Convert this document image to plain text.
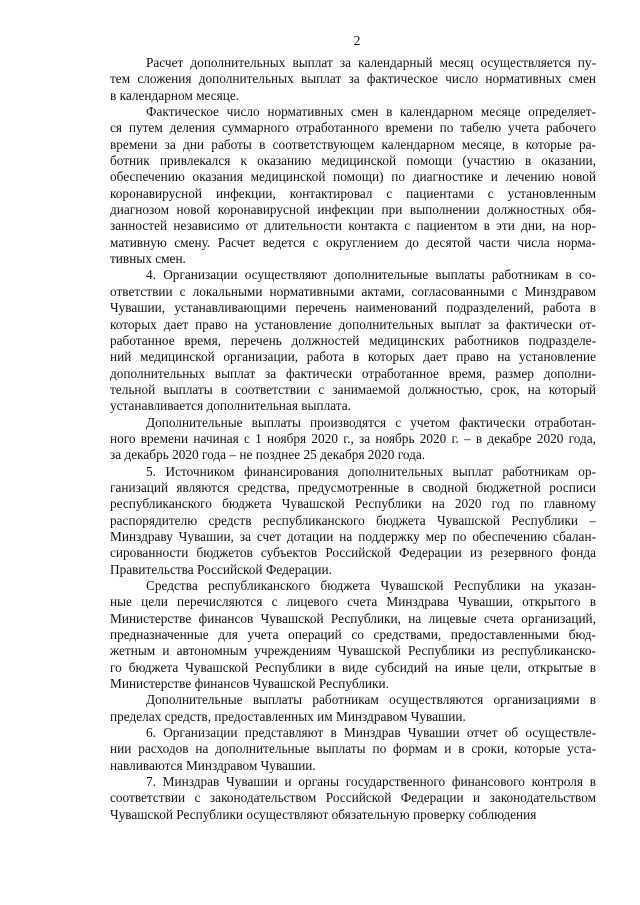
2
Расчет дополнительных выплат за календарный месяц осуществляется пу-
тем сложения дополнительных выплат за фактическое число нормативных смен
в календарном месяце.
Фактическое число нормативных смен в календарном месяце определяет-
ся путем деления суммарного отработанного времени по табелю учета рабочего
времени за дни работы в соответствующем календарном месяце, в которые ра-
ботник привлекался к оказанию медицинской помощи (участию в оказании,
обеспечению оказания медицинской помощи) по диагностике и лечению новой
коронавирусной инфекции, контактировал с пациентами с установленным
диагнозом новой коронавирусной инфекции при выполнении должностных обя-
занностей независимо от длительности контакта с пациентом в эти дни, на нор-
мативную смену. Расчет ведется с округлением до десятой части числа норма-
тивных смен.
4. Организации осуществляют дополнительные выплаты работникам в со-
ответствии с локальными нормативными актами, согласованными с Минздравом
Чувашии, устанавливающими перечень наименований подразделений, работа в
которых дает право на установление дополнительных выплат за фактически от-
работанное время, перечень должностей медицинских работников подразделе-
ний медицинской организации, работа в которых дает право на установление
дополнительных выплат за фактически отработанное время, размер дополни-
тельной выплаты в соответствии с занимаемой должностью, срок, на который
устанавливается дополнительная выплата.
Дополнительные выплаты производятся с учетом фактически отработан-
ного времени начиная с 1 ноября 2020 г., за ноябрь 2020 г. – в декабре 2020 года,
за декабрь 2020 года – не позднее 25 декабря 2020 года.
5. Источником финансирования дополнительных выплат работникам ор-
ганизаций являются средства, предусмотренные в сводной бюджетной росписи
республиканского бюджета Чувашской Республики на 2020 год по главному
распорядителю средств республиканского бюджета Чувашской Республики –
Минздраву Чувашии, за счет дотации на поддержку мер по обеспечению сбалан-
сированности бюджетов субъектов Российской Федерации из резервного фонда
Правительства Российской Федерации.
Средства республиканского бюджета Чувашской Республики на указан-
ные цели перечисляются с лицевого счета Минздрава Чувашии, открытого в
Министерстве финансов Чувашской Республики, на лицевые счета организаций,
предназначенные для учета операций со средствами, предоставленными бюд-
жетным и автономным учреждениям Чувашской Республики из республиканско-
го бюджета Чувашской Республики в виде субсидий на иные цели, открытые в
Министерстве финансов Чувашской Республики.
Дополнительные выплаты работникам осуществляются организациями в
пределах средств, предоставленных им Минздравом Чувашии.
6. Организации представляют в Минздрав Чувашии отчет об осуществле-
нии расходов на дополнительные выплаты по формам и в сроки, которые уста-
навливаются Минздравом Чувашии.
7. Минздрав Чувашии и органы государственного финансового контроля в
соответствии с законодательством Российской Федерации и законодательством
Чувашской Республики осуществляют обязательную проверку соблюдения
